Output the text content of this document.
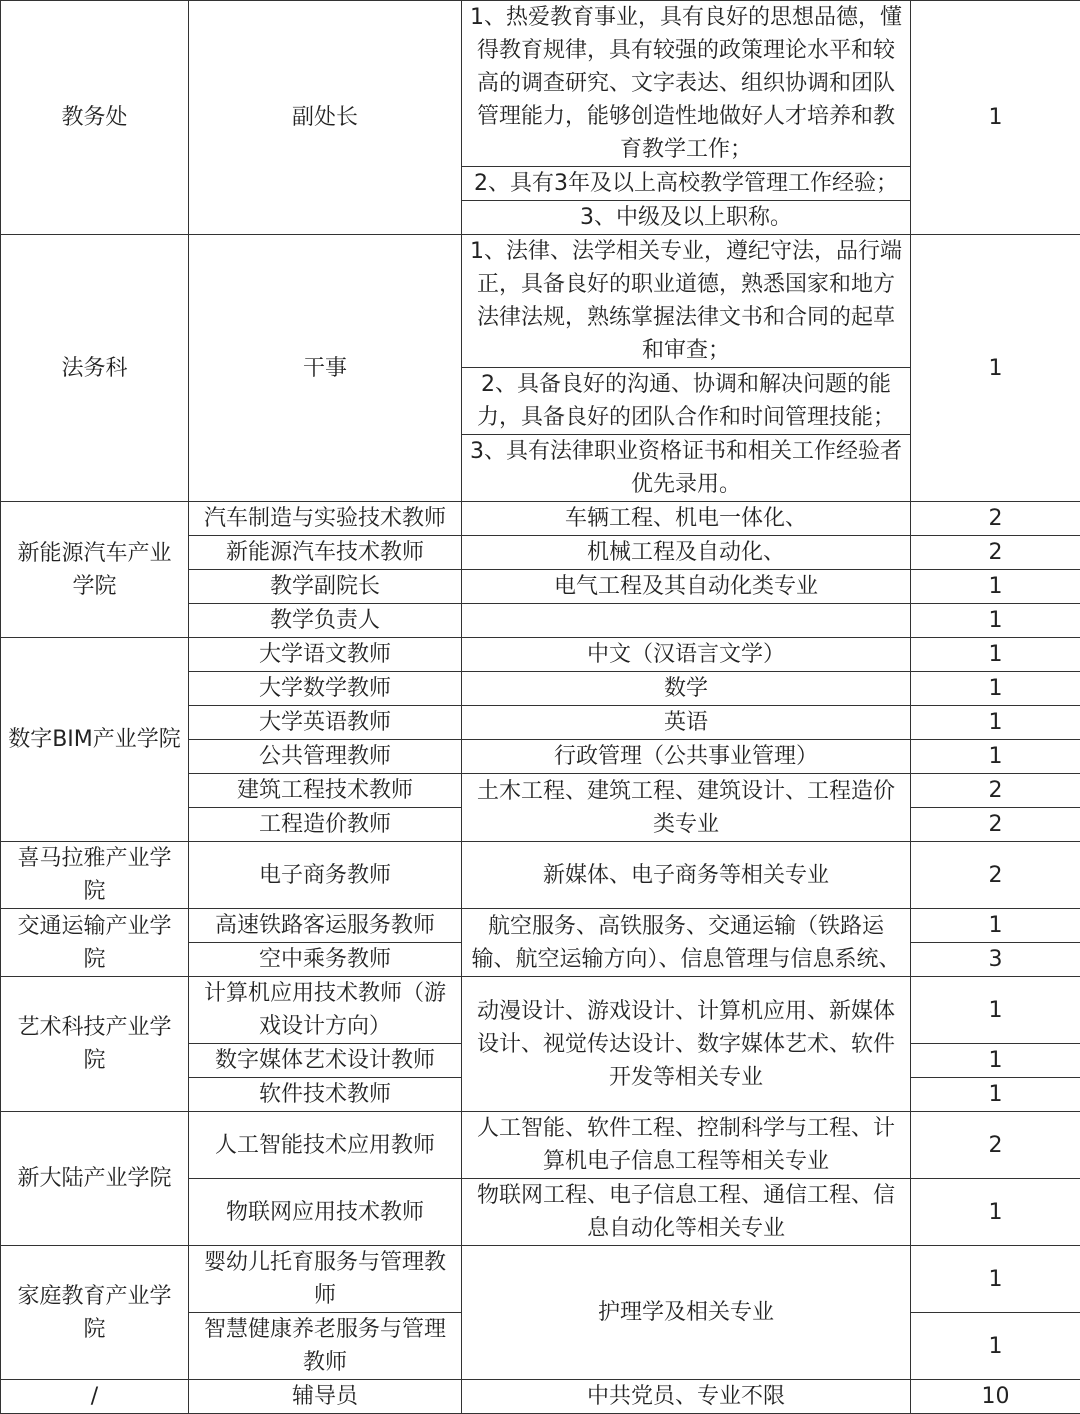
教务处	副处长	1、热爱教育事业，具有良好的思想品德，懂得教育规律，具有较强的政策理论水平和较高的调查研究、文字表达、组织协调和团队管理能力，能够创造性地做好人才培养和教育教学工作；	1
		2、具有3年及以上高校教学管理工作经验；	
		3、中级及以上职称。	
法务科	干事	1、法律、法学相关专业，遵纪守法，品行端正，具备良好的职业道德，熟悉国家和地方法律法规，熟练掌握法律文书和合同的起草和审查；	1
		2、具备良好的沟通、协调和解决问题的能力，具备良好的团队合作和时间管理技能；	
		3、具有法律职业资格证书和相关工作经验者优先录用。	
新能源汽车产业学院	汽车制造与实验技术教师	车辆工程、机电一体化、	2
	新能源汽车技术教师	机械工程及自动化、	2
	教学副院长	电气工程及其自动化类专业	1
	教学负责人		1
数字BIM产业学院	大学语文教师	中文（汉语言文学）	1
	大学数学教师	数学	1
	大学英语教师	英语	1
	公共管理教师	行政管理（公共事业管理）	1
	建筑工程技术教师	土木工程、建筑工程、建筑设计、工程造价类专业	2
	工程造价教师		2
喜马拉雅产业学院	电子商务教师	新媒体、电子商务等相关专业	2
交通运输产业学院	高速铁路客运服务教师	航空服务、高铁服务、交通运输（铁路运输、航空运输方向）、信息管理与信息系统、	1
	空中乘务教师		3
艺术科技产业学院	计算机应用技术教师（游戏设计方向）	动漫设计、游戏设计、计算机应用、新媒体设计、视觉传达设计、数字媒体艺术、软件开发等相关专业	1
	数字媒体艺术设计教师		1
	软件技术教师		1
新大陆产业学院	人工智能技术应用教师	人工智能、软件工程、控制科学与工程、计算机电子信息工程等相关专业	2
	物联网应用技术教师	物联网工程、电子信息工程、通信工程、信息自动化等相关专业	1
家庭教育产业学院	婴幼儿托育服务与管理教师	护理学及相关专业	1
	智慧健康养老服务与管理教师		1
/	辅导员	中共党员、专业不限	10
